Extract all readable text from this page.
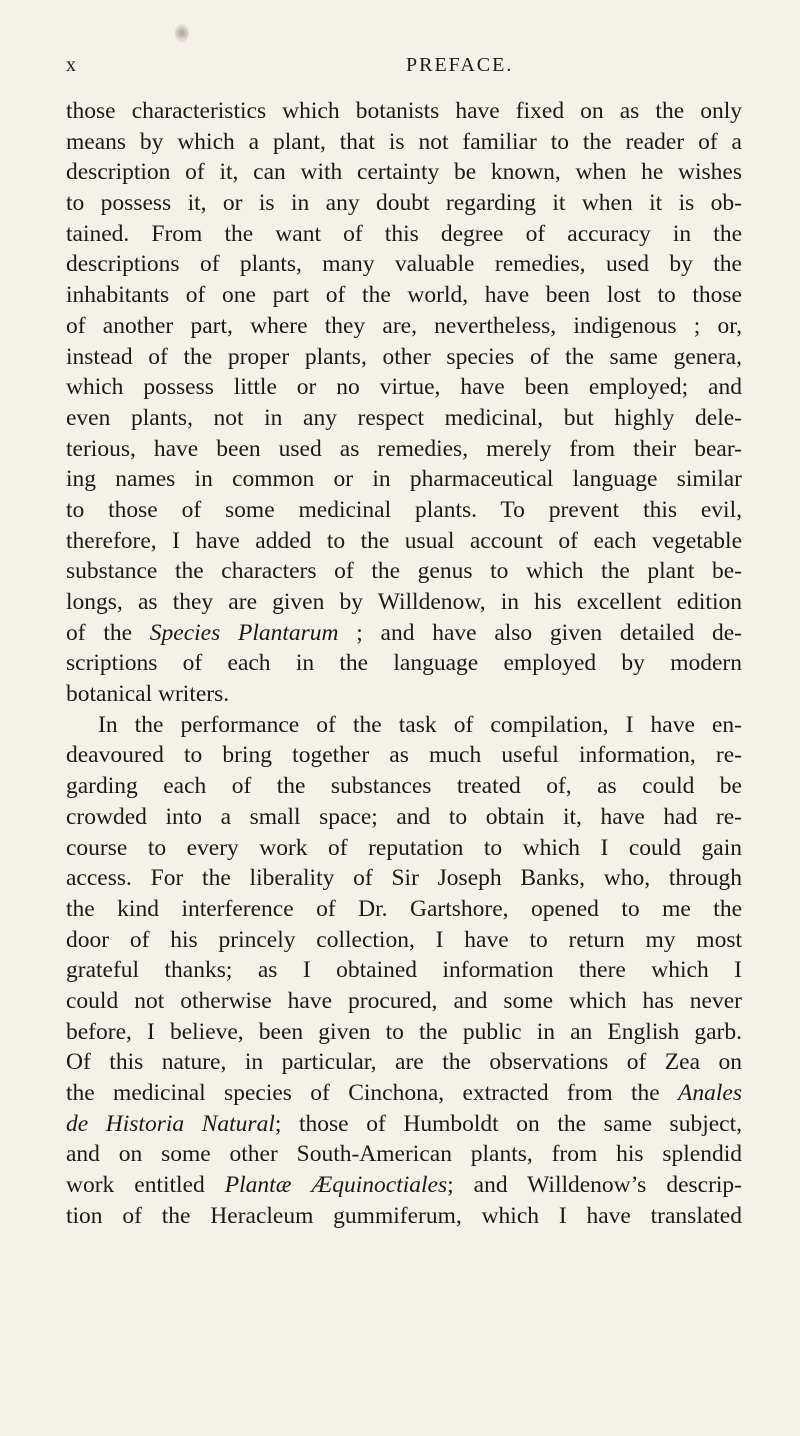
x	PREFACE.
those characteristics which botanists have fixed on as the only
means by which a plant, that is not familiar to the reader of a
description of it, can with certainty be known, when he wishes
to possess it, or is in any doubt regarding it when it is ob-
tained. From the want of this degree of accuracy in the
descriptions of plants, many valuable remedies, used by the
inhabitants of one part of the world, have been lost to those
of another part, where they are, nevertheless, indigenous ; or,
instead of the proper plants, other species of the same genera,
which possess little or no virtue, have been employed; and
even plants, not in any respect medicinal, but highly dele-
terious, have been used as remedies, merely from their bear-
ing names in common or in pharmaceutical language similar
to those of some medicinal plants. To prevent this evil,
therefore, I have added to the usual account of each vegetable
substance the characters of the genus to which the plant be-
longs, as they are given by Willdenow, in his excellent edition
of the Species Plantarum ; and have also given detailed de-
scriptions of each in the language employed by modern
botanical writers.
In the performance of the task of compilation, I have en-
deavoured to bring together as much useful information, re-
garding each of the substances treated of, as could be
crowded into a small space; and to obtain it, have had re-
course to every work of reputation to which I could gain
access. For the liberality of Sir Joseph Banks, who, through
the kind interference of Dr. Gartshore, opened to me the
door of his princely collection, I have to return my most
grateful thanks; as I obtained information there which I
could not otherwise have procured, and some which has never
before, I believe, been given to the public in an English garb.
Of this nature, in particular, are the observations of Zea on
the medicinal species of Cinchona, extracted from the Anales
de Historia Natural; those of Humboldt on the same subject,
and on some other South-American plants, from his splendid
work entitled Plantæ Æquinoctiales; and Willdenow’s descrip-
tion of the Heracleum gummiferum, which I have translated
